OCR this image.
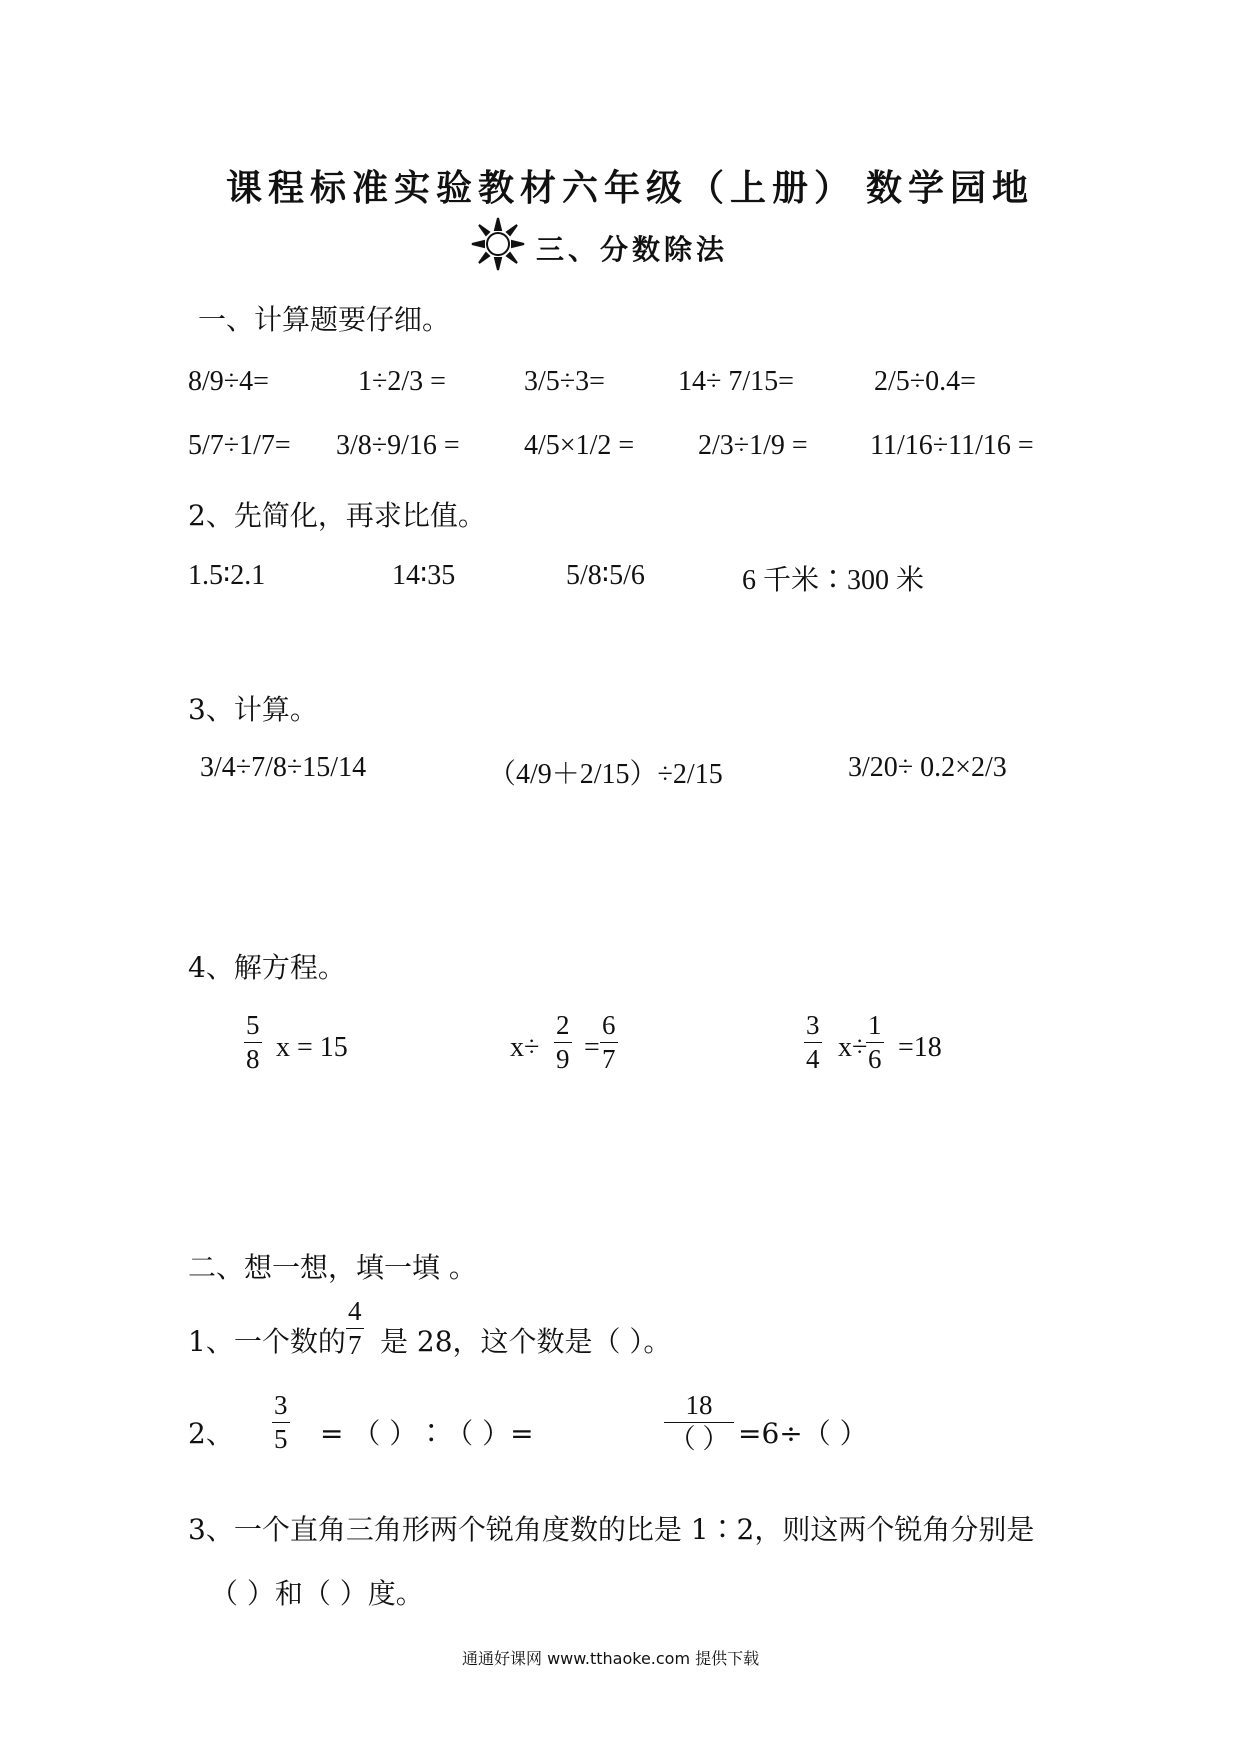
课程标准实验教材六年级（上册） 数学园地
三、分数除法
一、计算题要仔细。
8/9÷4=	1÷2/3 =	3/5÷3=	14÷ 7/15=	2/5÷0.4=
5/7÷1/7= 3/8÷9/16 = 4/5×1/2 = 2/3÷1/9 = 11/16÷11/16 =
2、先简化，再求比值。
1.5∶2.1	14∶35	5/8∶5/6	6 千米∶300 米
3、计算。
3/4÷7/8÷15/14	（4/9＋2/15）÷2/15	3/20÷ 0.2×2/3
4、解方程。
5
8 x = 15	x÷
2
9 =
6
7
3
4 x÷
1
6 =18
二、想一想，填一填 。
1、一个数的
4
7 是 28，这个数是（ ）。
2、
3
5 = （ ）∶（ ）=
18
（ ） =6÷（ ）
3、一个直角三角形两个锐角度数的比是 1∶2，则这两个锐角分别是
（ ）和（ ）度。
通通好课网 www.tthaoke.com 提供下载
